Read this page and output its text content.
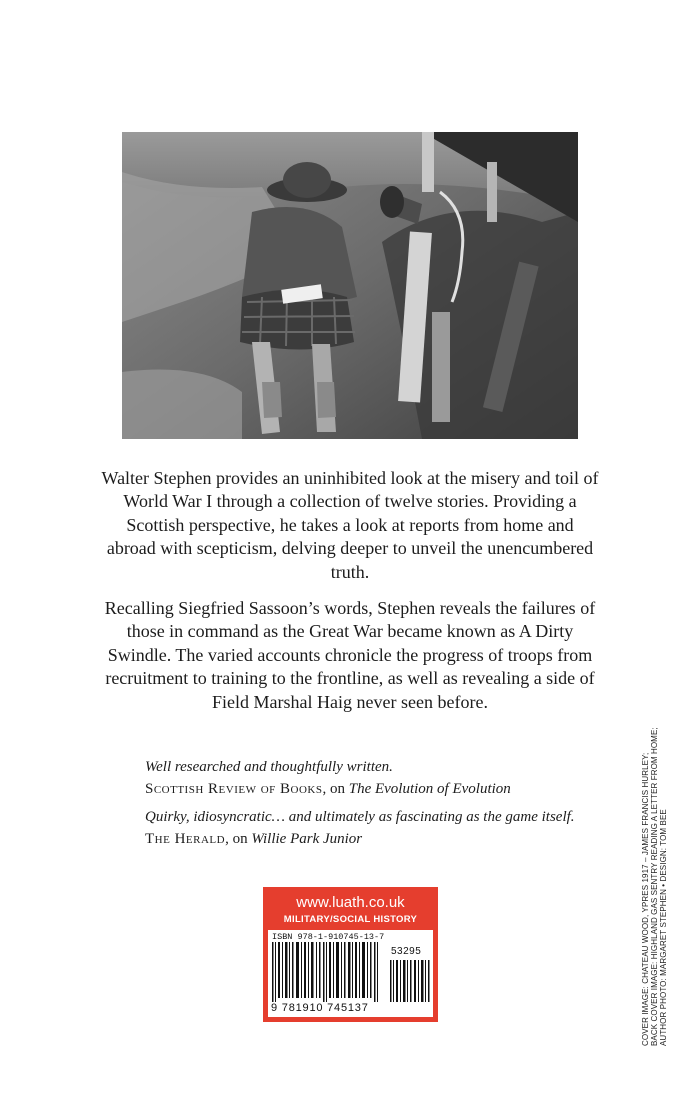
Walter Stephen provides an uninhibited look at the misery and toil of World War I through a collection of twelve stories. Providing a Scottish perspective, he takes a look at reports from home and abroad with scepticism, delving deeper to unveil the unencumbered truth.

Recalling Siegfried Sassoon’s words, Stephen reveals the failures of those in command as the Great War became known as A Dirty Swindle. The varied accounts chronicle the progress of troops from recruitment to training to the frontline, as well as revealing a side of Field Marshal Haig never seen before.

Well researched and thoughtfully written.
Scottish Review of Books, on The Evolution of Evolution
Quirky, idiosyncratic… and ultimately as fascinating as the game itself. The Herald, on Willie Park Junior
www.luath.co.uk
MILITARY/SOCIAL HISTORY
ISBN 978-1-910745-13-7
53295
9 781910 745137	COVER IMAGE: CHATEAU WOOD, YPRES 1917 – JAMES FRANCIS HURLEY; BACK COVER IMAGE: HIGHLAND GAS SENTRY READING A LETTER FROM HOME; AUTHOR PHOTO: MARGARET STEPHEN • DESIGN: TOM BEE
